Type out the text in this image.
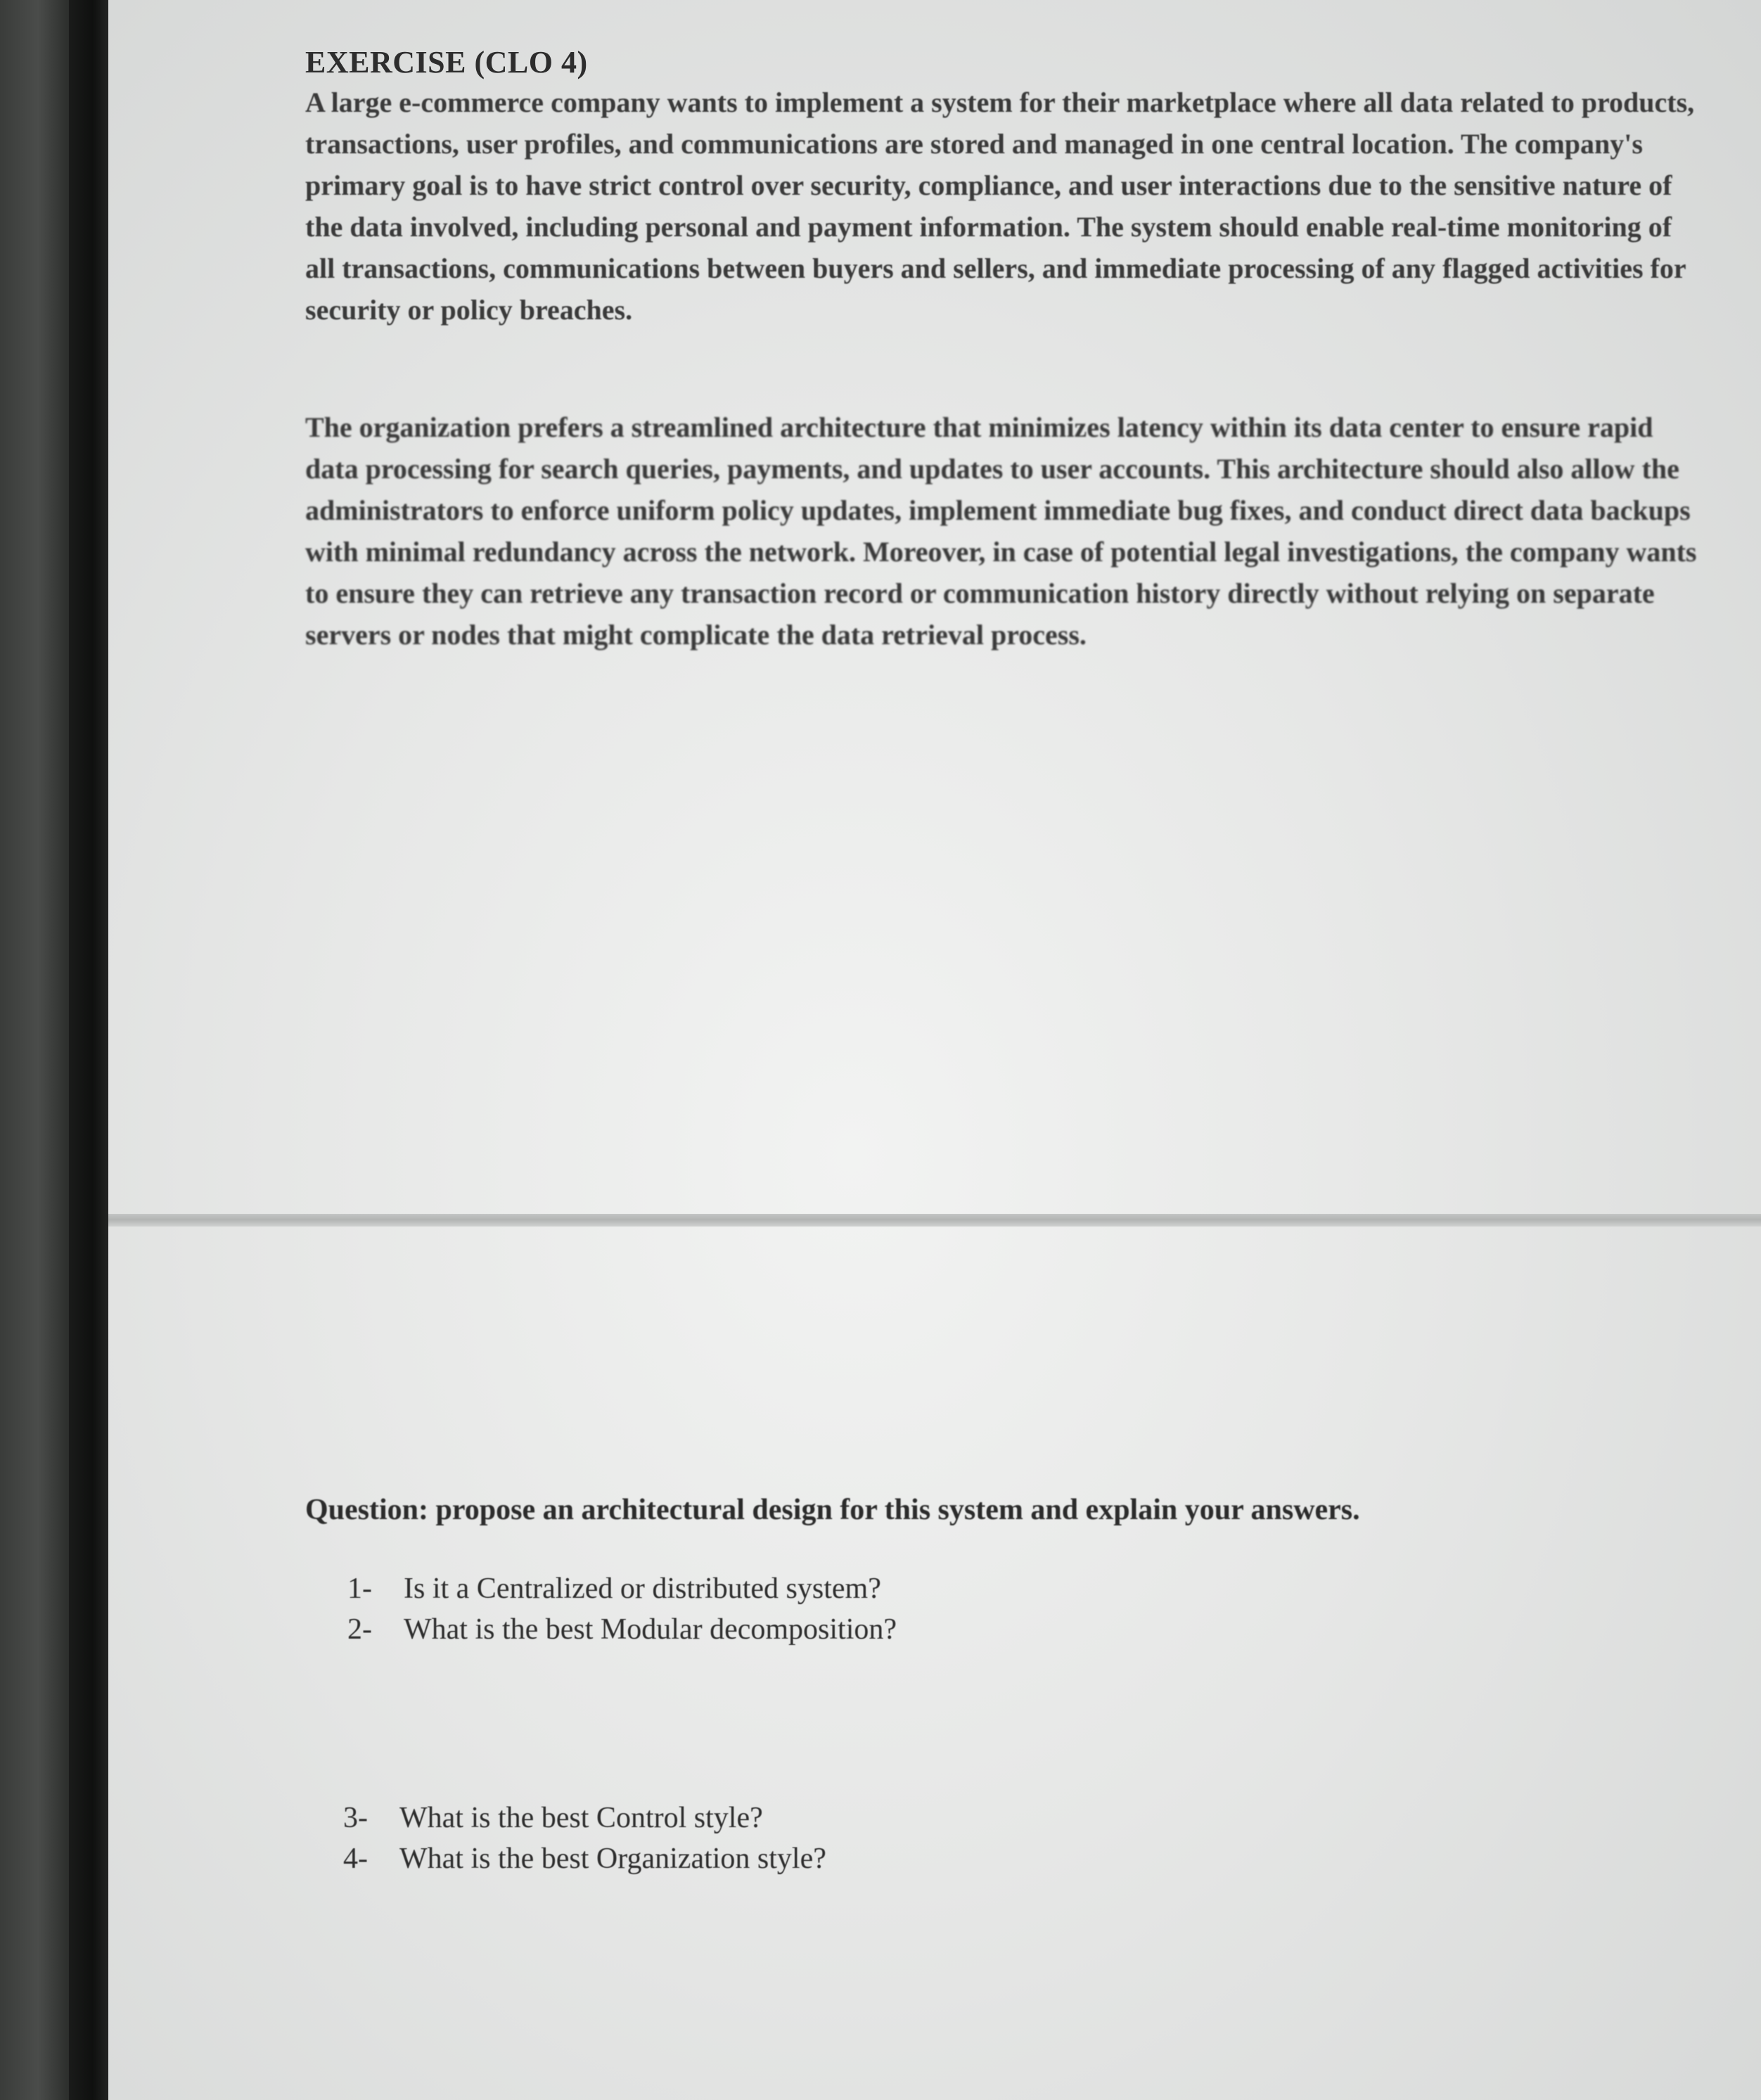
EXERCISE (CLO 4)

A large e-commerce company wants to implement a system for their marketplace where all data related to products, transactions, user profiles, and communications are stored and managed in one central location. The company's primary goal is to have strict control over security, compliance, and user interactions due to the sensitive nature of the data involved, including personal and payment information. The system should enable real-time monitoring of all transactions, communications between buyers and sellers, and immediate processing of any flagged activities for security or policy breaches.

The organization prefers a streamlined architecture that minimizes latency within its data center to ensure rapid data processing for search queries, payments, and updates to user accounts. This architecture should also allow the administrators to enforce uniform policy updates, implement immediate bug fixes, and conduct direct data backups with minimal redundancy across the network. Moreover, in case of potential legal investigations, the company wants to ensure they can retrieve any transaction record or communication history directly without relying on separate servers or nodes that might complicate the data retrieval process.

Question: propose an architectural design for this system and explain your answers.
1- Is it a Centralized or distributed system?
2- What is the best Modular decomposition?
3- What is the best Control style?
4- What is the best Organization style?
